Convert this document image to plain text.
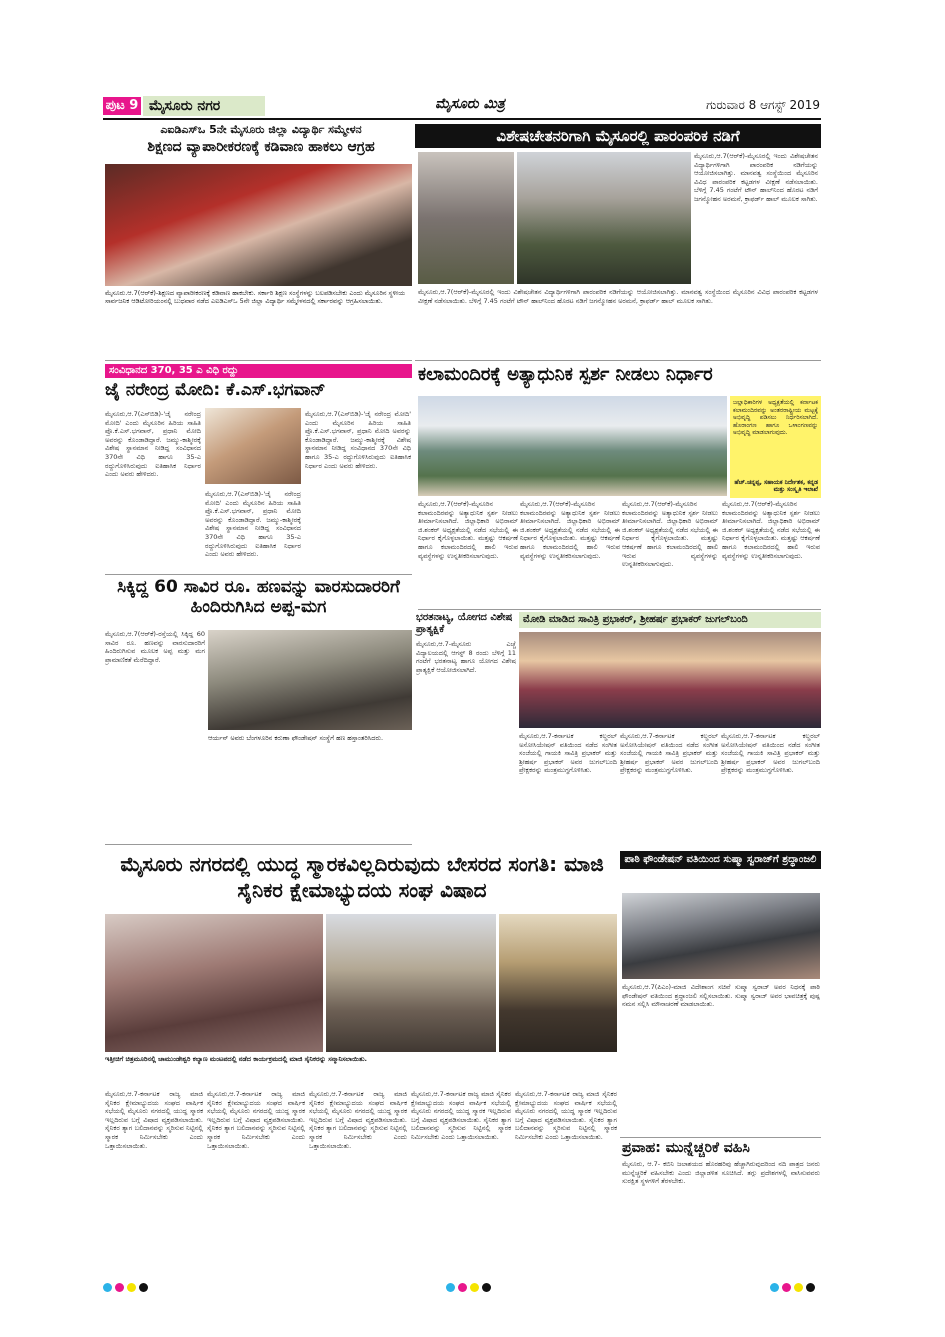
ಪುಟ 9 ಮೈಸೂರು ನಗರ	ಮೈಸೂರು ಮಿತ್ರ	ಗುರುವಾರ 8 ಆಗಸ್ಟ್ 2019
ಎಐಡಿಎಸ್‌ಒ 5ನೇ ಮೈಸೂರು ಜಿಲ್ಲಾ ವಿದ್ಯಾರ್ಥಿ ಸಮ್ಮೇಳನ
ಶಿಕ್ಷಣದ ವ್ಯಾಪಾರೀಕರಣಕ್ಕೆ ಕಡಿವಾಣ ಹಾಕಲು ಆಗ್ರಹ
ಮೈಸೂರು.ಆ.7(ಆರ್‌ಕೆ)-ಶಿಕ್ಷಣದ ವ್ಯಾಪಾರೀಕರಣಕ್ಕೆ ಕಡಿವಾಣ ಹಾಕಬೇಕು. ಸರ್ಕಾರಿ ಶಿಕ್ಷಣ ಸಂಸ್ಥೆಗಳನ್ನು ಬಲಪಡಿಸಬೇಕು ಎಂದು ಮೈಸೂರಿನ ಸ್ಥಳೀಯ ಸಾರ್ವಜನಿಕ ಆಡಿಟೋರಿಯಂನಲ್ಲಿ ಬುಧವಾರ ನಡೆದ ಎಐಡಿಎಸ್‌ಒ 5ನೇ ಜಿಲ್ಲಾ ವಿದ್ಯಾರ್ಥಿ ಸಮ್ಮೇಳನದಲ್ಲಿ ಸರ್ಕಾರವನ್ನು ಆಗ್ರಹಿಸಲಾಯಿತು.
ವಿಶೇಷಚೇತನರಿಗಾಗಿ ಮೈಸೂರಲ್ಲಿ ಪಾರಂಪರಿಕ ನಡಿಗೆ
ಮೈಸೂರು,ಆ.7(ಆರ್‌ಕೆ)-ಮೈಸೂರಲ್ಲಿ ಇಂದು ವಿಶೇಷಚೇತನ ವಿದ್ಯಾರ್ಥಿಗಳಿಗಾಗಿ ಪಾರಂಪರಿಕ ನಡಿಗೆಯನ್ನು ಆಯೋಜಿಸಲಾಗಿತ್ತು. ಮಾನವತ್ವ ಸಂಸ್ಥೆಯಿಂದ ಮೈಸೂರಿನ ವಿವಿಧ ಪಾರಂಪರಿಕ ಕಟ್ಟಡಗಳ ವೀಕ್ಷಣೆ ನಡೆಸಲಾಯಿತು. ಬೆಳಿಗ್ಗೆ 7.45 ಗಂಟೆಗೆ ಟೌನ್ ಹಾಲ್‌ನಿಂದ ಹೊರಟ ನಡಿಗೆ ಜಗನ್ಮೋಹನ ಅರಮನೆ, ಕ್ರಾಫರ್ಡ್ ಹಾಲ್ ಮೂಲಕ ಸಾಗಿತು.
ಮೈಸೂರು,ಆ.7(ಆರ್‌ಕೆ)-ಮೈಸೂರಲ್ಲಿ ಇಂದು ವಿಶೇಷಚೇತನ ವಿದ್ಯಾರ್ಥಿಗಳಿಗಾಗಿ ಪಾರಂಪರಿಕ ನಡಿಗೆಯನ್ನು ಆಯೋಜಿಸಲಾಗಿತ್ತು. ಮಾನವತ್ವ ಸಂಸ್ಥೆಯಿಂದ ಮೈಸೂರಿನ ವಿವಿಧ ಪಾರಂಪರಿಕ ಕಟ್ಟಡಗಳ ವೀಕ್ಷಣೆ ನಡೆಸಲಾಯಿತು. ಬೆಳಿಗ್ಗೆ 7.45 ಗಂಟೆಗೆ ಟೌನ್ ಹಾಲ್‌ನಿಂದ ಹೊರಟ ನಡಿಗೆ ಜಗನ್ಮೋಹನ ಅರಮನೆ, ಕ್ರಾಫರ್ಡ್ ಹಾಲ್ ಮೂಲಕ ಸಾಗಿತು.
ಸಂವಿಧಾನದ 370, 35 ಎ ವಿಧಿ ರದ್ದು
ಜೈ ನರೇಂದ್ರ ಮೋದಿ: ಕೆ.ಎಸ್.ಭಗವಾನ್
ಮೈಸೂರು,ಆ.7(ಎಸ್‌ಬಿಡಿ)-'ಜೈ ನರೇಂದ್ರ ಮೋದಿ' ಎಂದು ಮೈಸೂರಿನ ಹಿರಿಯ ಸಾಹಿತಿ ಪ್ರೊ.ಕೆ.ಎಸ್.ಭಗವಾನ್, ಪ್ರಧಾನಿ ಮೋದಿ ಅವರನ್ನು ಕೊಂಡಾಡಿದ್ದಾರೆ. ಜಮ್ಮು-ಕಾಶ್ಮೀರಕ್ಕೆ ವಿಶೇಷ ಸ್ಥಾನಮಾನ ನೀಡಿದ್ದ ಸಂವಿಧಾನದ 370ನೇ ವಿಧಿ ಹಾಗೂ 35-ಎ ರದ್ದುಗೊಳಿಸಿರುವುದು ಐತಿಹಾಸಿಕ ನಿರ್ಧಾರ ಎಂದು ಅವರು ಹೇಳಿದರು.
ಮೈಸೂರು,ಆ.7(ಎಸ್‌ಬಿಡಿ)-'ಜೈ ನರೇಂದ್ರ ಮೋದಿ' ಎಂದು ಮೈಸೂರಿನ ಹಿರಿಯ ಸಾಹಿತಿ ಪ್ರೊ.ಕೆ.ಎಸ್.ಭಗವಾನ್, ಪ್ರಧಾನಿ ಮೋದಿ ಅವರನ್ನು ಕೊಂಡಾಡಿದ್ದಾರೆ. ಜಮ್ಮು-ಕಾಶ್ಮೀರಕ್ಕೆ ವಿಶೇಷ ಸ್ಥಾನಮಾನ ನೀಡಿದ್ದ ಸಂವಿಧಾನದ 370ನೇ ವಿಧಿ ಹಾಗೂ 35-ಎ ರದ್ದುಗೊಳಿಸಿರುವುದು ಐತಿಹಾಸಿಕ ನಿರ್ಧಾರ ಎಂದು ಅವರು ಹೇಳಿದರು.
ಮೈಸೂರು,ಆ.7(ಎಸ್‌ಬಿಡಿ)-'ಜೈ ನರೇಂದ್ರ ಮೋದಿ' ಎಂದು ಮೈಸೂರಿನ ಹಿರಿಯ ಸಾಹಿತಿ ಪ್ರೊ.ಕೆ.ಎಸ್.ಭಗವಾನ್, ಪ್ರಧಾನಿ ಮೋದಿ ಅವರನ್ನು ಕೊಂಡಾಡಿದ್ದಾರೆ. ಜಮ್ಮು-ಕಾಶ್ಮೀರಕ್ಕೆ ವಿಶೇಷ ಸ್ಥಾನಮಾನ ನೀಡಿದ್ದ ಸಂವಿಧಾನದ 370ನೇ ವಿಧಿ ಹಾಗೂ 35-ಎ ರದ್ದುಗೊಳಿಸಿರುವುದು ಐತಿಹಾಸಿಕ ನಿರ್ಧಾರ ಎಂದು ಅವರು ಹೇಳಿದರು.
ಕಲಾಮಂದಿರಕ್ಕೆ ಅತ್ಯಾಧುನಿಕ ಸ್ಪರ್ಶ ನೀಡಲು ನಿರ್ಧಾರ
ಜಲ್ಲಾಧಿಕಾರಿಗಳ ಅಧ್ಯಕ್ಷತೆಯಲ್ಲಿ ಕರ್ನಾಟಕ ಕಲಾಮಂದಿರವನ್ನು ಅಂತರರಾಷ್ಟ್ರೀಯ ಮಟ್ಟಕ್ಕೆ ಅಭಿವೃದ್ಧಿ ಪಡಿಸಲು ನಿರ್ಧರಿಸಲಾಗಿದೆ. ಹೊರಾಂಗಣ ಹಾಗೂ ಒಳಾಂಗಣವನ್ನು ಅಭಿವೃದ್ಧಿ ಮಾಡಲಾಗುವುದು.
ಹೆಚ್.ಚನ್ನಪ್ಪ, ಸಹಾಯಕ ನಿರ್ದೇಶಕ, ಕನ್ನಡ ಮತ್ತು ಸಂಸ್ಕೃತಿ ಇಲಾಖೆ
ಮೈಸೂರು,ಆ.7(ಆರ್‌ಕೆ)-ಮೈಸೂರಿನ ಕಲಾಮಂದಿರವನ್ನು ಅತ್ಯಾಧುನಿಕ ಸ್ಪರ್ಶ ನೀಡಲು ತೀರ್ಮಾನಿಸಲಾಗಿದೆ. ಜಿಲ್ಲಾಧಿಕಾರಿ ಅಭಿರಾಮ್ ಜಿ.ಶಂಕರ್ ಅಧ್ಯಕ್ಷತೆಯಲ್ಲಿ ನಡೆದ ಸಭೆಯಲ್ಲಿ ಈ ನಿರ್ಧಾರ ಕೈಗೊಳ್ಳಲಾಯಿತು. ಮತ್ತಷ್ಟು ಆಕರ್ಷಣೆ ಹಾಗೂ ಕಲಾಮಂದಿರದಲ್ಲಿ ಹಾಲಿ ಇರುವ ವ್ಯವಸ್ಥೆಗಳನ್ನು ಉನ್ನತೀಕರಿಸಲಾಗುವುದು.
ಮೈಸೂರು,ಆ.7(ಆರ್‌ಕೆ)-ಮೈಸೂರಿನ ಕಲಾಮಂದಿರವನ್ನು ಅತ್ಯಾಧುನಿಕ ಸ್ಪರ್ಶ ನೀಡಲು ತೀರ್ಮಾನಿಸಲಾಗಿದೆ. ಜಿಲ್ಲಾಧಿಕಾರಿ ಅಭಿರಾಮ್ ಜಿ.ಶಂಕರ್ ಅಧ್ಯಕ್ಷತೆಯಲ್ಲಿ ನಡೆದ ಸಭೆಯಲ್ಲಿ ಈ ನಿರ್ಧಾರ ಕೈಗೊಳ್ಳಲಾಯಿತು. ಮತ್ತಷ್ಟು ಆಕರ್ಷಣೆ ಹಾಗೂ ಕಲಾಮಂದಿರದಲ್ಲಿ ಹಾಲಿ ಇರುವ ವ್ಯವಸ್ಥೆಗಳನ್ನು ಉನ್ನತೀಕರಿಸಲಾಗುವುದು.
ಮೈಸೂರು,ಆ.7(ಆರ್‌ಕೆ)-ಮೈಸೂರಿನ ಕಲಾಮಂದಿರವನ್ನು ಅತ್ಯಾಧುನಿಕ ಸ್ಪರ್ಶ ನೀಡಲು ತೀರ್ಮಾನಿಸಲಾಗಿದೆ. ಜಿಲ್ಲಾಧಿಕಾರಿ ಅಭಿರಾಮ್ ಜಿ.ಶಂಕರ್ ಅಧ್ಯಕ್ಷತೆಯಲ್ಲಿ ನಡೆದ ಸಭೆಯಲ್ಲಿ ಈ ನಿರ್ಧಾರ ಕೈಗೊಳ್ಳಲಾಯಿತು. ಮತ್ತಷ್ಟು ಆಕರ್ಷಣೆ ಹಾಗೂ ಕಲಾಮಂದಿರದಲ್ಲಿ ಹಾಲಿ ಇರುವ ವ್ಯವಸ್ಥೆಗಳನ್ನು ಉನ್ನತೀಕರಿಸಲಾಗುವುದು.
ಮೈಸೂರು,ಆ.7(ಆರ್‌ಕೆ)-ಮೈಸೂರಿನ ಕಲಾಮಂದಿರವನ್ನು ಅತ್ಯಾಧುನಿಕ ಸ್ಪರ್ಶ ನೀಡಲು ತೀರ್ಮಾನಿಸಲಾಗಿದೆ. ಜಿಲ್ಲಾಧಿಕಾರಿ ಅಭಿರಾಮ್ ಜಿ.ಶಂಕರ್ ಅಧ್ಯಕ್ಷತೆಯಲ್ಲಿ ನಡೆದ ಸಭೆಯಲ್ಲಿ ಈ ನಿರ್ಧಾರ ಕೈಗೊಳ್ಳಲಾಯಿತು. ಮತ್ತಷ್ಟು ಆಕರ್ಷಣೆ ಹಾಗೂ ಕಲಾಮಂದಿರದಲ್ಲಿ ಹಾಲಿ ಇರುವ ವ್ಯವಸ್ಥೆಗಳನ್ನು ಉನ್ನತೀಕರಿಸಲಾಗುವುದು.
ಸಿಕ್ಕಿದ್ದ 60 ಸಾವಿರ ರೂ. ಹಣವನ್ನು ವಾರಸುದಾರರಿಗೆ ಹಿಂದಿರುಗಿಸಿದ ಅಪ್ಪ-ಮಗ
ಮೈಸೂರು,ಆ.7(ಆರ್‌ಕೆ)-ರಸ್ತೆಯಲ್ಲಿ ಸಿಕ್ಕಿದ್ದ 60 ಸಾವಿರ ರೂ. ಹಣವನ್ನು ವಾರಸುದಾರರಿಗೆ ಹಿಂದಿರುಗಿಸುವ ಮೂಲಕ ಅಪ್ಪ ಮತ್ತು ಮಗ ಪ್ರಾಮಾಣಿಕತೆ ಮೆರೆದಿದ್ದಾರೆ.
ಆರ್ಯನ್ ಅವರು ಬೆಂಗಳೂರಿನ ಕರುಣಾ ಫೌಂಡೇಷನ್ ಸಂಸ್ಥೆಗೆ ಹಣ ಹಸ್ತಾಂತರಿಸಿದರು.
ಭರತನಾಟ್ಯ, ಯೋಗದ ವಿಶೇಷ ಪ್ರಾತ್ಯಕ್ಷಿಕೆ
ಮೈಸೂರು,ಆ.7-ಮೈಸೂರು ಎಚ್ಚೆ ವಿದ್ಯಾಲಯದಲ್ಲಿ ಆಗಸ್ಟ್ 8 ರಂದು ಬೆಳಿಗ್ಗೆ 11 ಗಂಟೆಗೆ ಭರತನಾಟ್ಯ ಹಾಗೂ ಯೋಗದ ವಿಶೇಷ ಪ್ರಾತ್ಯಕ್ಷಿಕೆ ಆಯೋಜಿಸಲಾಗಿದೆ.
ಮೋಡಿ ಮಾಡಿದ ಸಾವಿತ್ರಿ ಪ್ರಭಾಕರ್, ಶ್ರೀಹರ್ಷ ಪ್ರಭಾಕರ್ ಜುಗಲ್‌ಬಂದಿ
ಮೈಸೂರು,ಆ.7-ಕರ್ನಾಟಕ ಕಲ್ಚರಲ್ ಅಸೋಸಿಯೇಷನ್ ವತಿಯಿಂದ ನಡೆದ ಸಂಗೀತ ಸಂಜೆಯಲ್ಲಿ ಗಾಯಕಿ ಸಾವಿತ್ರಿ ಪ್ರಭಾಕರ್ ಮತ್ತು ಶ್ರೀಹರ್ಷ ಪ್ರಭಾಕರ್ ಅವರ ಜುಗಲ್‌ಬಂದಿ ಪ್ರೇಕ್ಷಕರನ್ನು ಮಂತ್ರಮುಗ್ಧಗೊಳಿಸಿತು.
ಮೈಸೂರು,ಆ.7-ಕರ್ನಾಟಕ ಕಲ್ಚರಲ್ ಅಸೋಸಿಯೇಷನ್ ವತಿಯಿಂದ ನಡೆದ ಸಂಗೀತ ಸಂಜೆಯಲ್ಲಿ ಗಾಯಕಿ ಸಾವಿತ್ರಿ ಪ್ರಭಾಕರ್ ಮತ್ತು ಶ್ರೀಹರ್ಷ ಪ್ರಭಾಕರ್ ಅವರ ಜುಗಲ್‌ಬಂದಿ ಪ್ರೇಕ್ಷಕರನ್ನು ಮಂತ್ರಮುಗ್ಧಗೊಳಿಸಿತು.
ಮೈಸೂರು,ಆ.7-ಕರ್ನಾಟಕ ಕಲ್ಚರಲ್ ಅಸೋಸಿಯೇಷನ್ ವತಿಯಿಂದ ನಡೆದ ಸಂಗೀತ ಸಂಜೆಯಲ್ಲಿ ಗಾಯಕಿ ಸಾವಿತ್ರಿ ಪ್ರಭಾಕರ್ ಮತ್ತು ಶ್ರೀಹರ್ಷ ಪ್ರಭಾಕರ್ ಅವರ ಜುಗಲ್‌ಬಂದಿ ಪ್ರೇಕ್ಷಕರನ್ನು ಮಂತ್ರಮುಗ್ಧಗೊಳಿಸಿತು.
ಮೈಸೂರು ನಗರದಲ್ಲಿ ಯುದ್ಧ ಸ್ಮಾರಕವಿಲ್ಲದಿರುವುದು ಬೇಸರದ ಸಂಗತಿ: ಮಾಜಿ ಸೈನಿಕರ ಕ್ಷೇಮಾಭ್ಯುದಯ ಸಂಘ ವಿಷಾದ
ಇತ್ತೀಚಿಗೆ ಚಿತ್ರಮೂರಿನಲ್ಲಿ ಚಾಮುಂಡೇಶ್ವರಿ ಕಲ್ಯಾಣ ಮಂಟಪದಲ್ಲಿ ನಡೆದ ಕಾರ್ಯಕ್ರಮದಲ್ಲಿ ಮಾಜಿ ಸೈನಿಕರನ್ನು ಸನ್ಮಾನಿಸಲಾಯಿತು.
ಮೈಸೂರು,ಆ.7-ಕರ್ನಾಟಕ ರಾಜ್ಯ ಮಾಜಿ ಸೈನಿಕರ ಕ್ಷೇಮಾಭ್ಯುದಯ ಸಂಘದ ವಾರ್ಷಿಕ ಸಭೆಯಲ್ಲಿ ಮೈಸೂರು ನಗರದಲ್ಲಿ ಯುದ್ಧ ಸ್ಮಾರಕ ಇಲ್ಲದಿರುವ ಬಗ್ಗೆ ವಿಷಾದ ವ್ಯಕ್ತಪಡಿಸಲಾಯಿತು. ಸೈನಿಕರ ತ್ಯಾಗ ಬಲಿದಾನವನ್ನು ಸ್ಮರಿಸುವ ನಿಟ್ಟಿನಲ್ಲಿ ಸ್ಮಾರಕ ನಿರ್ಮಿಸಬೇಕು ಎಂದು ಒತ್ತಾಯಿಸಲಾಯಿತು.
ಮೈಸೂರು,ಆ.7-ಕರ್ನಾಟಕ ರಾಜ್ಯ ಮಾಜಿ ಸೈನಿಕರ ಕ್ಷೇಮಾಭ್ಯುದಯ ಸಂಘದ ವಾರ್ಷಿಕ ಸಭೆಯಲ್ಲಿ ಮೈಸೂರು ನಗರದಲ್ಲಿ ಯುದ್ಧ ಸ್ಮಾರಕ ಇಲ್ಲದಿರುವ ಬಗ್ಗೆ ವಿಷಾದ ವ್ಯಕ್ತಪಡಿಸಲಾಯಿತು. ಸೈನಿಕರ ತ್ಯಾಗ ಬಲಿದಾನವನ್ನು ಸ್ಮರಿಸುವ ನಿಟ್ಟಿನಲ್ಲಿ ಸ್ಮಾರಕ ನಿರ್ಮಿಸಬೇಕು ಎಂದು ಒತ್ತಾಯಿಸಲಾಯಿತು.
ಮೈಸೂರು,ಆ.7-ಕರ್ನಾಟಕ ರಾಜ್ಯ ಮಾಜಿ ಸೈನಿಕರ ಕ್ಷೇಮಾಭ್ಯುದಯ ಸಂಘದ ವಾರ್ಷಿಕ ಸಭೆಯಲ್ಲಿ ಮೈಸೂರು ನಗರದಲ್ಲಿ ಯುದ್ಧ ಸ್ಮಾರಕ ಇಲ್ಲದಿರುವ ಬಗ್ಗೆ ವಿಷಾದ ವ್ಯಕ್ತಪಡಿಸಲಾಯಿತು. ಸೈನಿಕರ ತ್ಯಾಗ ಬಲಿದಾನವನ್ನು ಸ್ಮರಿಸುವ ನಿಟ್ಟಿನಲ್ಲಿ ಸ್ಮಾರಕ ನಿರ್ಮಿಸಬೇಕು ಎಂದು ಒತ್ತಾಯಿಸಲಾಯಿತು.
ಮೈಸೂರು,ಆ.7-ಕರ್ನಾಟಕ ರಾಜ್ಯ ಮಾಜಿ ಸೈನಿಕರ ಕ್ಷೇಮಾಭ್ಯುದಯ ಸಂಘದ ವಾರ್ಷಿಕ ಸಭೆಯಲ್ಲಿ ಮೈಸೂರು ನಗರದಲ್ಲಿ ಯುದ್ಧ ಸ್ಮಾರಕ ಇಲ್ಲದಿರುವ ಬಗ್ಗೆ ವಿಷಾದ ವ್ಯಕ್ತಪಡಿಸಲಾಯಿತು. ಸೈನಿಕರ ತ್ಯಾಗ ಬಲಿದಾನವನ್ನು ಸ್ಮರಿಸುವ ನಿಟ್ಟಿನಲ್ಲಿ ಸ್ಮಾರಕ ನಿರ್ಮಿಸಬೇಕು ಎಂದು ಒತ್ತಾಯಿಸಲಾಯಿತು.
ಮೈಸೂರು,ಆ.7-ಕರ್ನಾಟಕ ರಾಜ್ಯ ಮಾಜಿ ಸೈನಿಕರ ಕ್ಷೇಮಾಭ್ಯುದಯ ಸಂಘದ ವಾರ್ಷಿಕ ಸಭೆಯಲ್ಲಿ ಮೈಸೂರು ನಗರದಲ್ಲಿ ಯುದ್ಧ ಸ್ಮಾರಕ ಇಲ್ಲದಿರುವ ಬಗ್ಗೆ ವಿಷಾದ ವ್ಯಕ್ತಪಡಿಸಲಾಯಿತು. ಸೈನಿಕರ ತ್ಯಾಗ ಬಲಿದಾನವನ್ನು ಸ್ಮರಿಸುವ ನಿಟ್ಟಿನಲ್ಲಿ ಸ್ಮಾರಕ ನಿರ್ಮಿಸಬೇಕು ಎಂದು ಒತ್ತಾಯಿಸಲಾಯಿತು.
ಪಾಠಿ ಫೌಂಡೇಷನ್ ವತಿಯಿಂದ ಸುಷ್ಮಾ ಸ್ವರಾಜ್‌ಗೆ ಶ್ರದ್ಧಾಂಜಲಿ
ಮೈಸೂರು,ಆ.7(ಪಿಎಂ)-ಮಾಜಿ ವಿದೇಶಾಂಗ ಸಚಿವೆ ಸುಷ್ಮಾ ಸ್ವರಾಜ್ ಅವರ ನಿಧನಕ್ಕೆ ಪಾಠಿ ಫೌಂಡೇಷನ್ ವತಿಯಿಂದ ಶ್ರದ್ಧಾಂಜಲಿ ಸಲ್ಲಿಸಲಾಯಿತು. ಸುಷ್ಮಾ ಸ್ವರಾಜ್ ಅವರ ಭಾವಚಿತ್ರಕ್ಕೆ ಪುಷ್ಪ ನಮನ ಸಲ್ಲಿಸಿ ಮೌನಾಚರಣೆ ಮಾಡಲಾಯಿತು.
ಪ್ರವಾಹ: ಮುನ್ನೆಚ್ಚರಿಕೆ ವಹಿಸಿ
ಮೈಸೂರು, ಆ.7- ಕಬಿನಿ ಜಲಾಶಯದ ಹೊರಹರಿವು ಹೆಚ್ಚಾಗಿರುವುದರಿಂದ ನದಿ ಪಾತ್ರದ ಜನರು ಮುನ್ನೆಚ್ಚರಿಕೆ ವಹಿಸಬೇಕು ಎಂದು ಜಿಲ್ಲಾಡಳಿತ ಸೂಚಿಸಿದೆ. ತಗ್ಗು ಪ್ರದೇಶಗಳಲ್ಲಿ ವಾಸಿಸುವವರು ಸುರಕ್ಷಿತ ಸ್ಥಳಗಳಿಗೆ ತೆರಳಬೇಕು.
